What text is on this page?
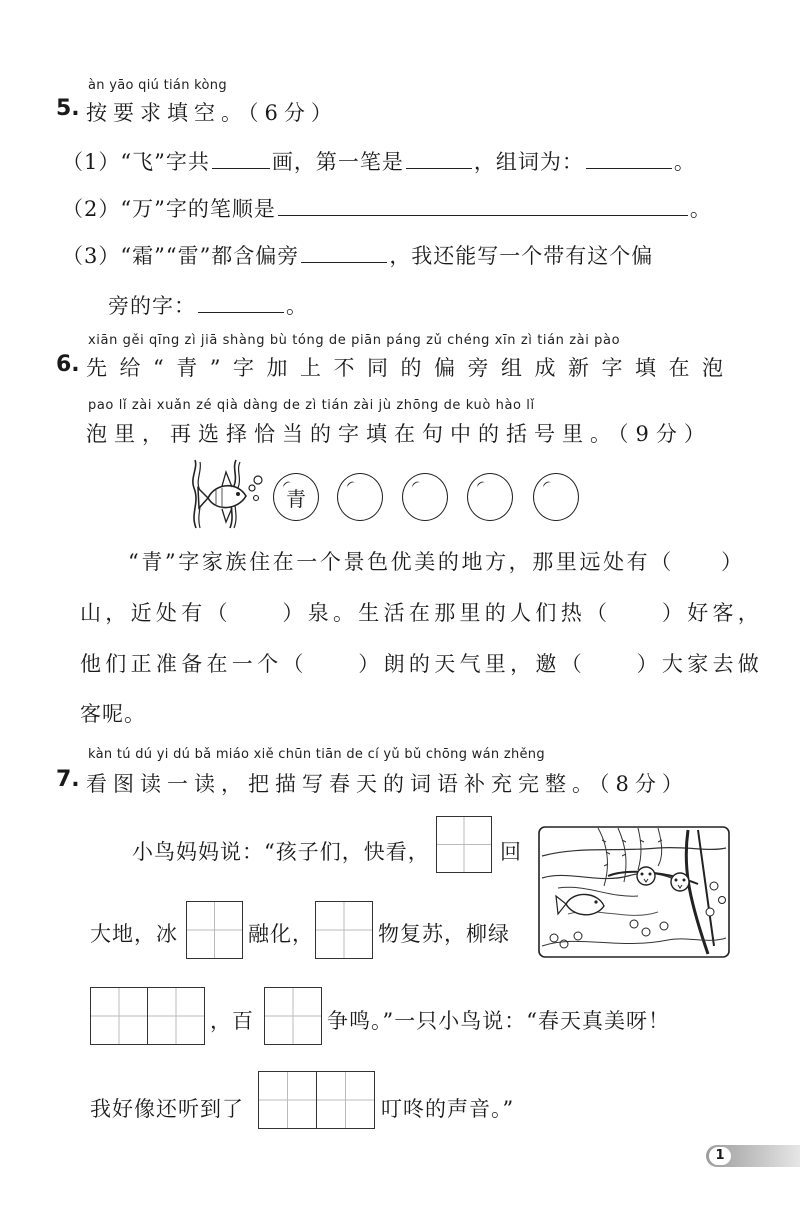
àn yāo qiú tián kòng
5. 按要求填空。（6分）
（1）“飞”字共	画，第一笔是	，组词为：	。
（2）“万”字的笔顺是	。
（3）“霜”“雷”都含偏旁	，我还能写一个带有这个偏
旁的字：	。
xiān gěi qīng zì jiā shàng bù tóng de piān páng zǔ chéng xīn zì tián zài pào
6. 先给“青”字加上不同的偏旁组成新字填在泡
pao lǐ zài xuǎn zé qià dàng de zì tián zài jù zhōng de kuò hào lǐ
泡里，再选择恰当的字填在句中的括号里。（9分）
青
“青”字家族住在一个景色优美的地方，那里远处有（　　）
山，近处有（　　）泉。生活在那里的人们热（　　）好客，
他们正准备在一个（　　）朗的天气里，邀（　　）大家去做
客呢。
kàn tú dú yi dú bǎ miáo xiě chūn tiān de cí yǔ bǔ chōng wán zhěng
7. 看图读一读，把描写春天的词语补充完整。（8分）
小鸟妈妈说：“孩子们，快看，	回
大地，冰	融化，	物复苏，柳绿
，百	争鸣。”一只小鸟说：“春天真美呀！
我好像还听到了	叮咚的声音。”
1
